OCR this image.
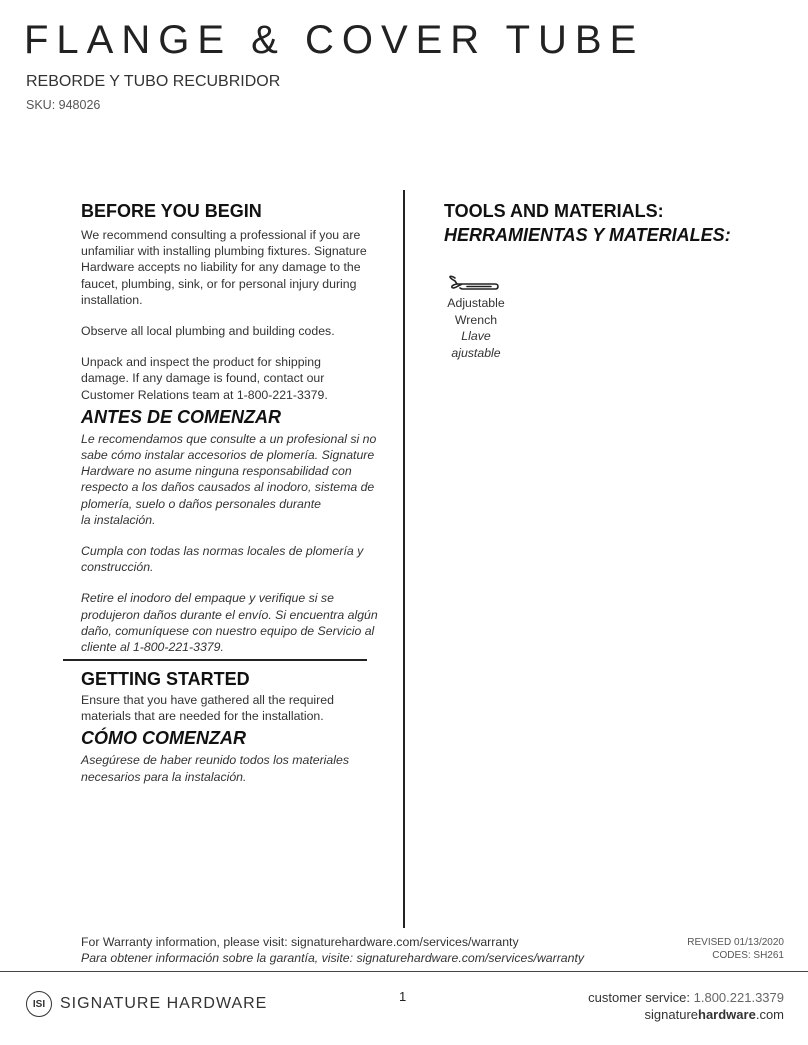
FLANGE & COVER TUBE
REBORDE Y TUBO RECUBRIDOR
SKU: 948026
BEFORE YOU BEGIN
We recommend consulting a professional if you are
unfamiliar with installing plumbing fixtures. Signature
Hardware accepts no liability for any damage to the
faucet, plumbing, sink, or for personal injury during
installation.
Observe all local plumbing and building codes.
Unpack and inspect the product for shipping
damage. If any damage is found, contact our
Customer Relations team at 1-800-221-3379.
ANTES DE COMENZAR
Le recomendamos que consulte a un profesional si no
sabe cómo instalar accesorios de plomería. Signature
Hardware no asume ninguna responsabilidad con
respecto a los daños causados al inodoro, sistema de
plomería, suelo o daños personales durante
la instalación.
Cumpla con todas las normas locales de plomería y
construcción.
Retire el inodoro del empaque y verifique si se
produjeron daños durante el envío. Si encuentra algún
daño, comuníquese con nuestro equipo de Servicio al
cliente al 1-800-221-3379.
GETTING STARTED
Ensure that you have gathered all the required
materials that are needed for the installation.
CÓMO COMENZAR
Asegúrese de haber reunido todos los materiales
necesarios para la instalación.
TOOLS AND MATERIALS:
HERRAMIENTAS Y MATERIALES:
Adjustable
Wrench
Llave
ajustable
For Warranty information, please visit: signaturehardware.com/services/warranty
Para obtener información sobre la garantía, visite: signaturehardware.com/services/warranty
REVISED 01/13/2020
CODES: SH261
ISI SIGNATURE HARDWARE	1	customer service: 1.800.221.3379
signaturehardware.com
